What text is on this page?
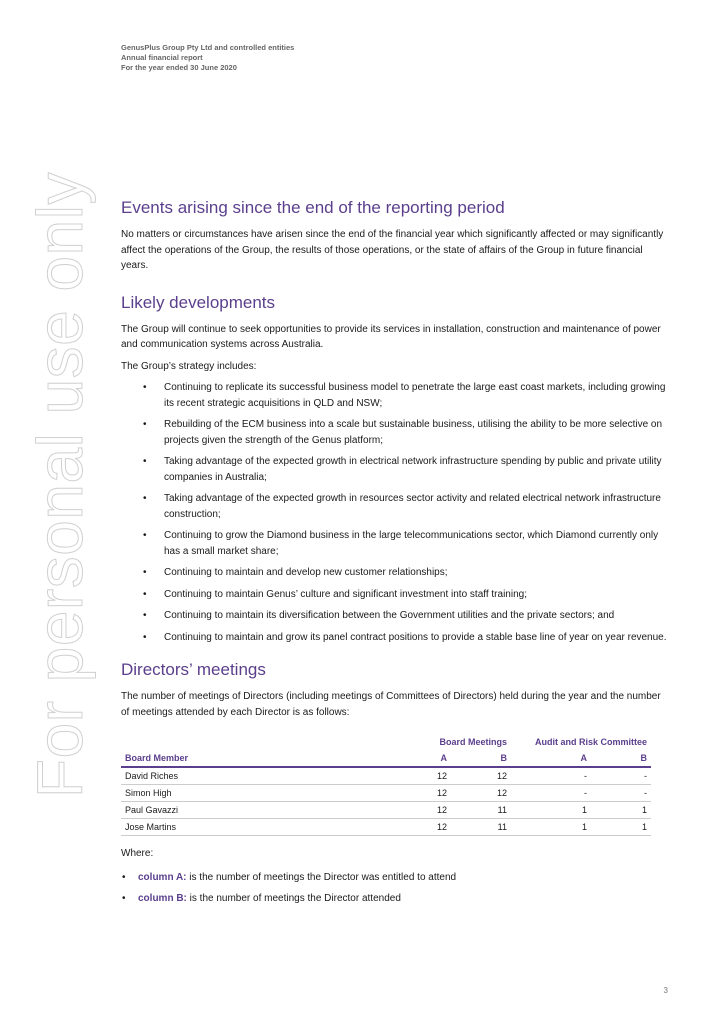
GenusPlus Group Pty Ltd and controlled entities
Annual financial report
For the year ended 30 June 2020
For personal use only Events arising since the end of the reporting period

No matters or circumstances have arisen since the end of the financial year which significantly affected or may significantly affect the operations of the Group, the results of those operations, or the state of affairs of the Group in future financial years.

Likely developments

The Group will continue to seek opportunities to provide its services in installation, construction and maintenance of power and communication systems across Australia.

The Group’s strategy includes:

• Continuing to replicate its successful business model to penetrate the large east coast markets, including growing its recent strategic acquisitions in QLD and NSW;
• Rebuilding of the ECM business into a scale but sustainable business, utilising the ability to be more selective on projects given the strength of the Genus platform;
• Taking advantage of the expected growth in electrical network infrastructure spending by public and private utility companies in Australia;
• Taking advantage of the expected growth in resources sector activity and related electrical network infrastructure construction;
• Continuing to grow the Diamond business in the large telecommunications sector, which Diamond currently only has a small market share;
• Continuing to maintain and develop new customer relationships;
• Continuing to maintain Genus’ culture and significant investment into staff training;
• Continuing to maintain its diversification between the Government utilities and the private sectors; and
• Continuing to maintain and grow its panel contract positions to provide a stable base line of year on year revenue.
Directors’ meetings

The number of meetings of Directors (including meetings of Committees of Directors) held during the year and the number of meetings attended by each Director is as follows:

	Board Meetings		Audit and Risk Committee	
Board Member	A	B	A	B
David Riches	12	12	-	-
Simon High	12	12	-	-
Paul Gavazzi	12	11	1	1
Jose Martins	12	11	1	1

Where:

• column A: is the number of meetings the Director was entitled to attend
• column B: is the number of meetings the Director attended
3
